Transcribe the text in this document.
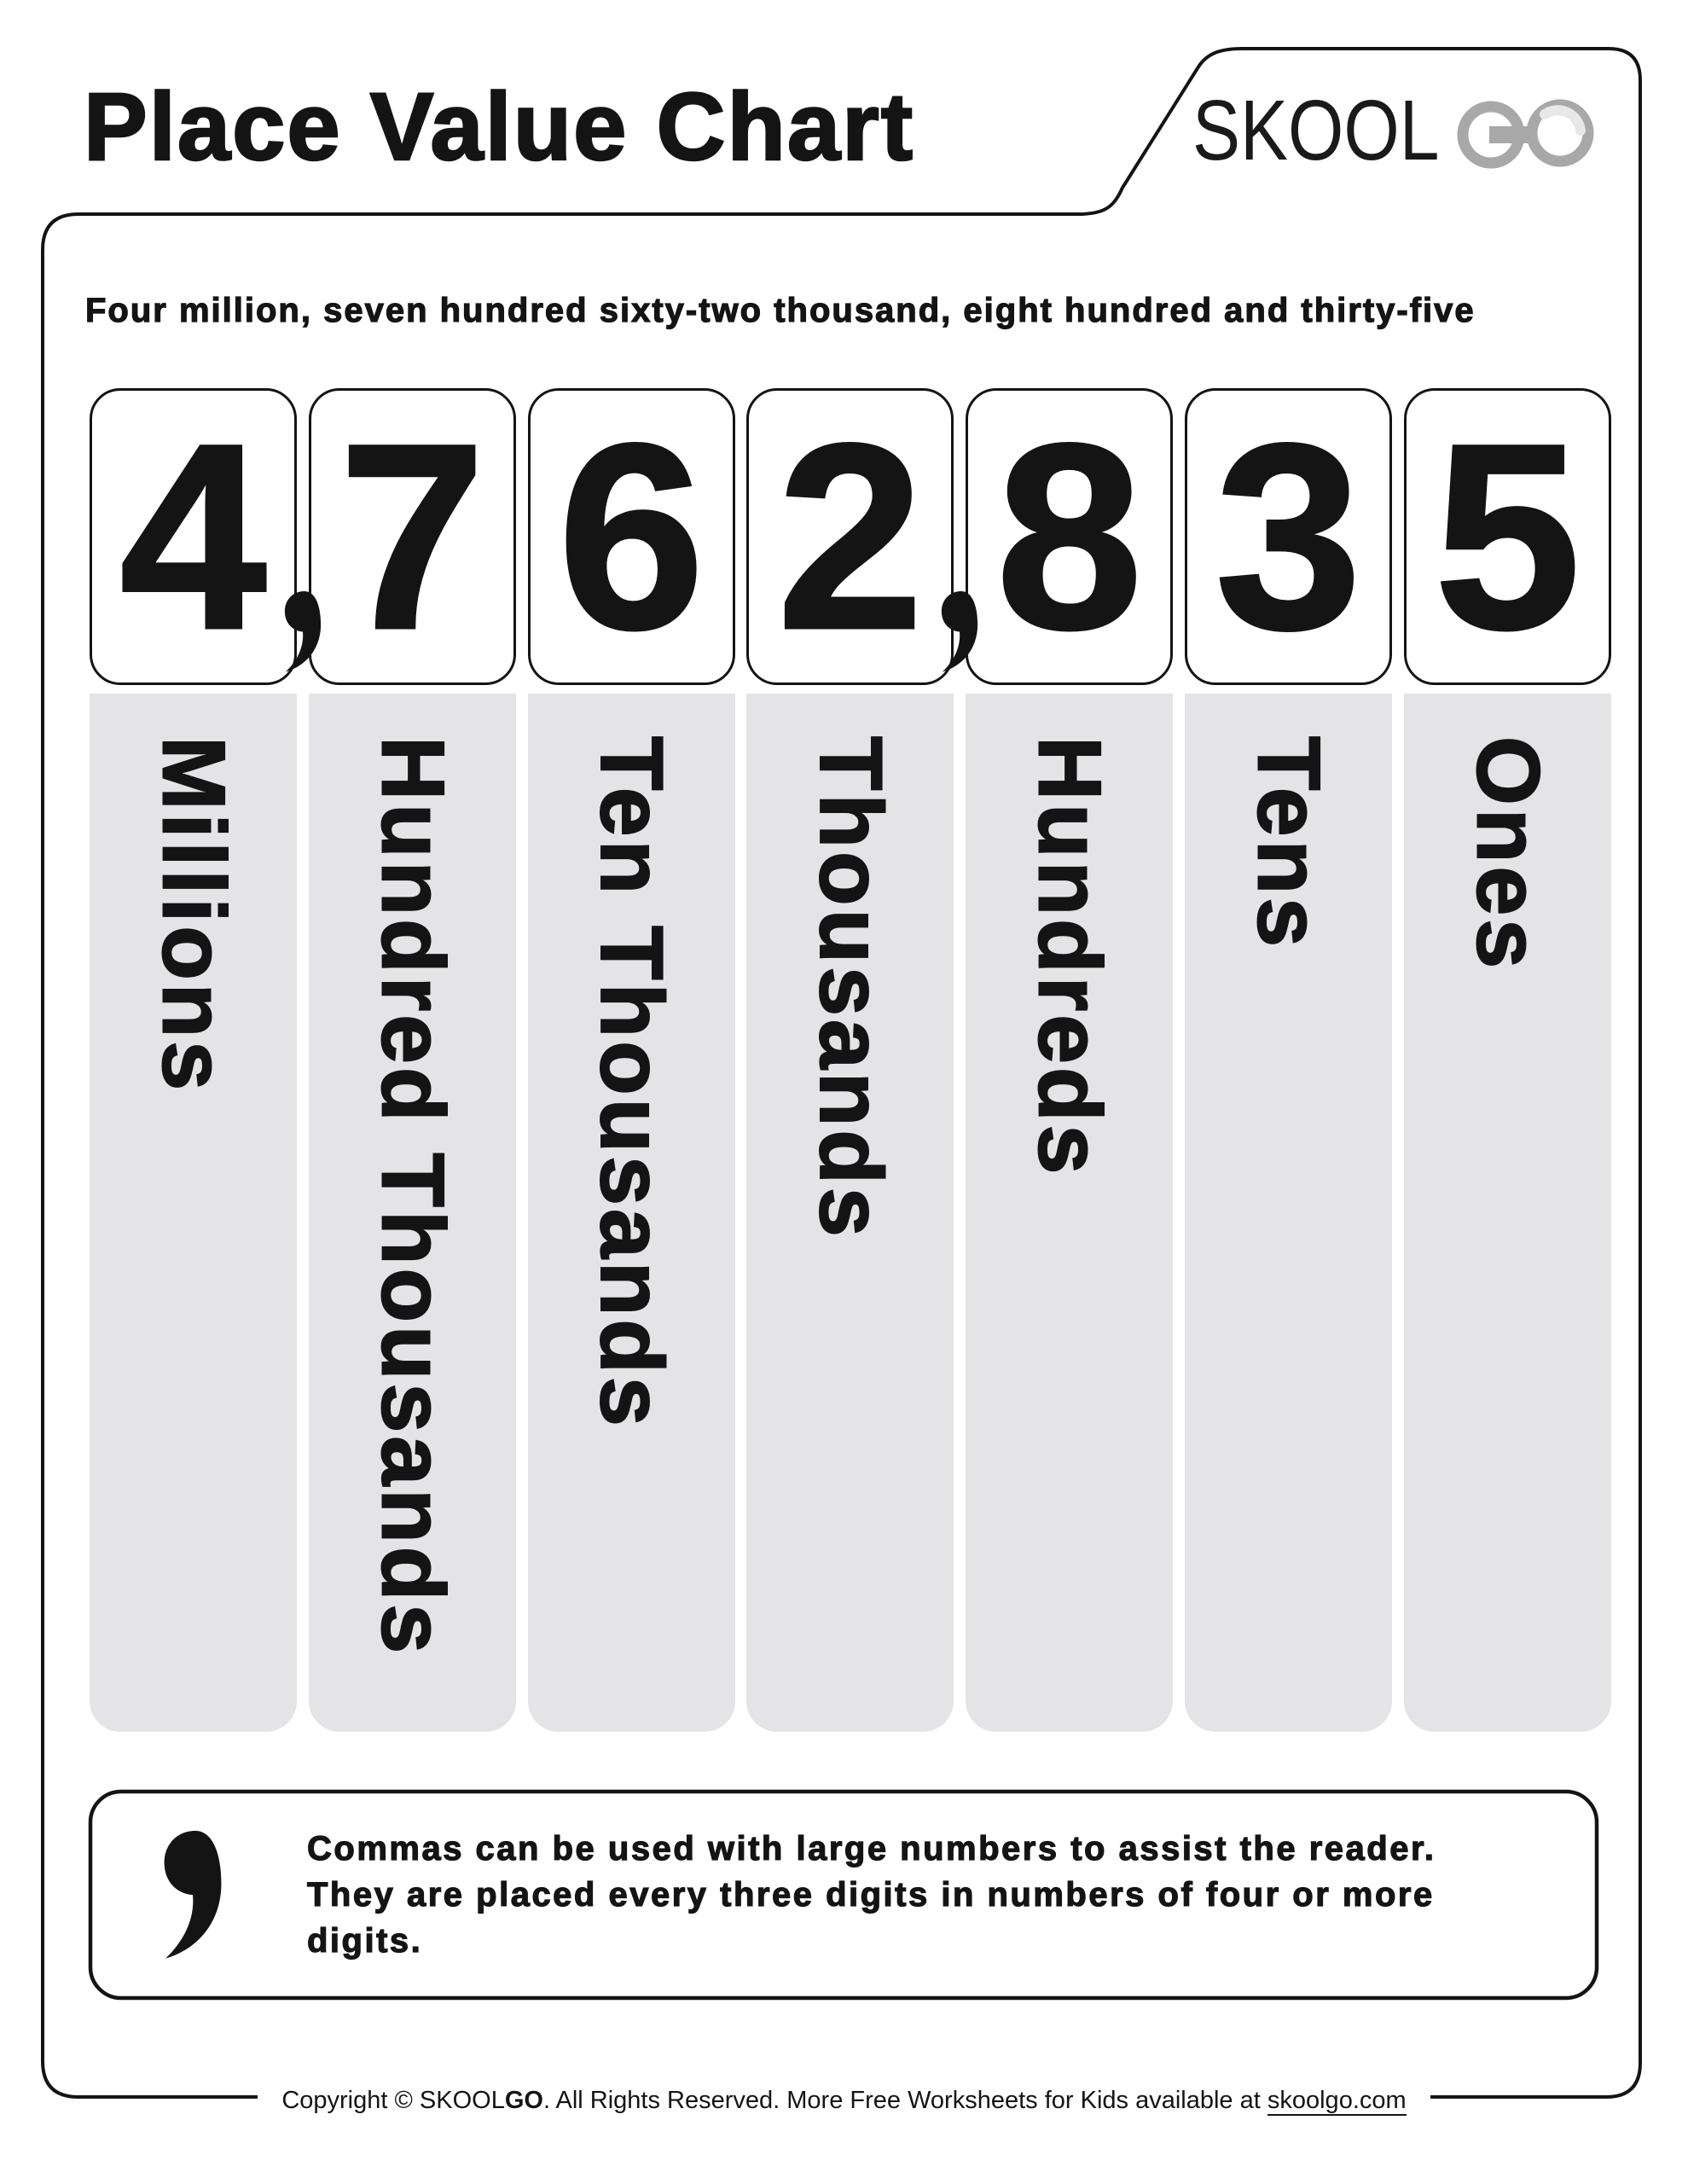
Place Value Chart	SKOOL
Four million, seven hundred sixty-two thousand, eight hundred and thirty-five
4
Millions
7
Hundred Thousands
6
Ten Thousands
2
Thousands
8
Hundreds
3
Tens
5
Ones
Commas can be used with large numbers to assist the reader.
They are placed every three digits in numbers of four or more
digits.
Copyright © SKOOLGO. All Rights Reserved. More Free Worksheets for Kids available at skoolgo.com
